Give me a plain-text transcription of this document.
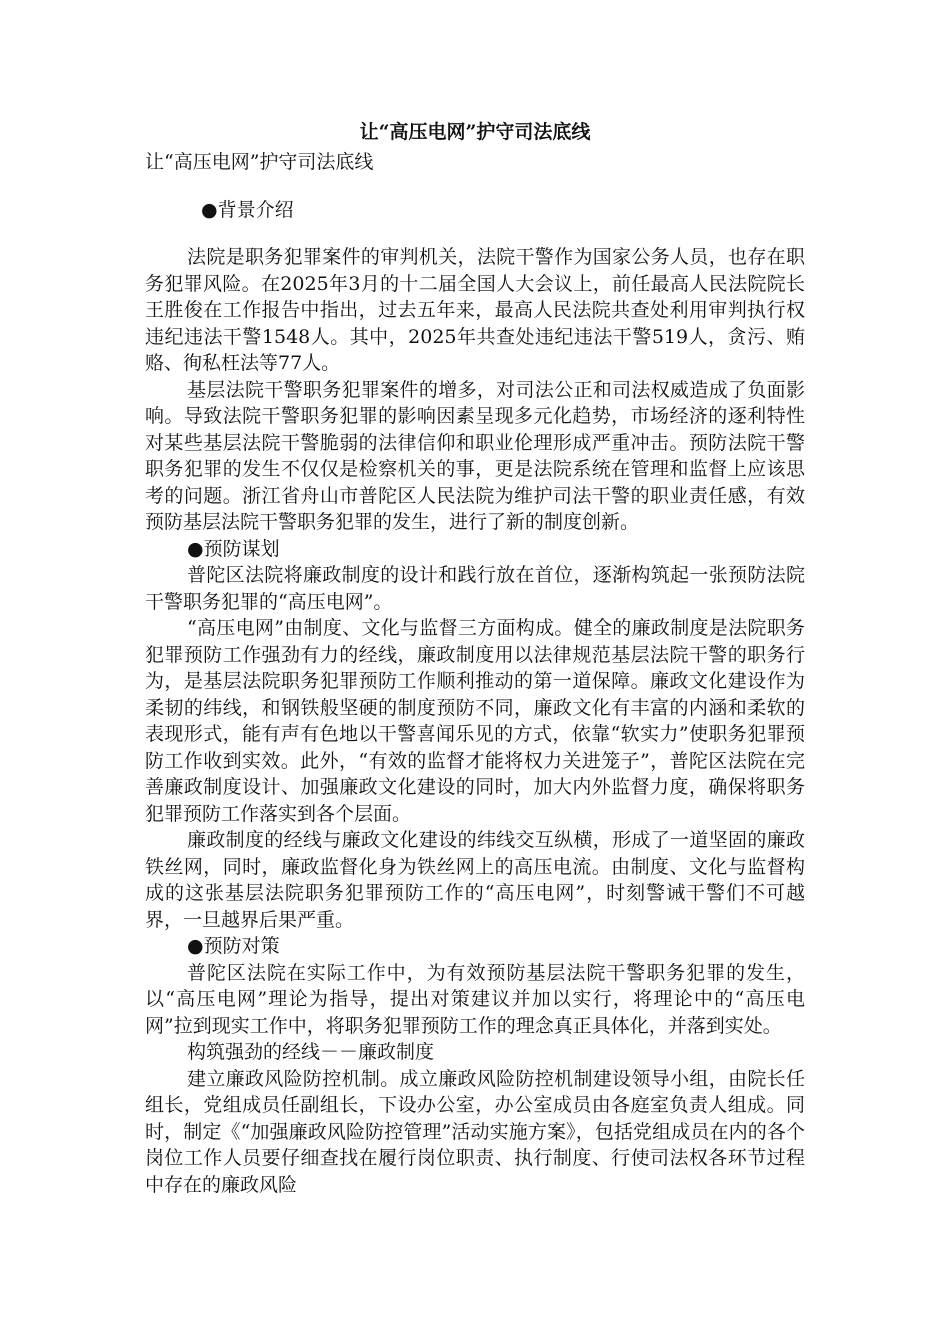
让“高压电网”护守司法底线

让“高压电网”护守司法底线

●背景介绍

法院是职务犯罪案件的审判机关，法院干警作为国家公务人员，也存在职务犯罪风险。在2025年3月的十二届全国人大会议上，前任最高人民法院院长王胜俊在工作报告中指出，过去五年来，最高人民法院共查处利用审判执行权违纪违法干警1548人。其中，2025年共查处违纪违法干警519人，贪污、贿赂、徇私枉法等77人。

基层法院干警职务犯罪案件的增多，对司法公正和司法权威造成了负面影响。导致法院干警职务犯罪的影响因素呈现多元化趋势，市场经济的逐利特性对某些基层法院干警脆弱的法律信仰和职业伦理形成严重冲击。预防法院干警职务犯罪的发生不仅仅是检察机关的事，更是法院系统在管理和监督上应该思考的问题。浙江省舟山市普陀区人民法院为维护司法干警的职业责任感，有效预防基层法院干警职务犯罪的发生，进行了新的制度创新。

●预防谋划

普陀区法院将廉政制度的设计和践行放在首位，逐渐构筑起一张预防法院干警职务犯罪的“高压电网”。

“高压电网”由制度、文化与监督三方面构成。健全的廉政制度是法院职务犯罪预防工作强劲有力的经线，廉政制度用以法律规范基层法院干警的职务行为，是基层法院职务犯罪预防工作顺利推动的第一道保障。廉政文化建设作为柔韧的纬线，和钢铁般坚硬的制度预防不同，廉政文化有丰富的内涵和柔软的表现形式，能有声有色地以干警喜闻乐见的方式，依靠“软实力”使职务犯罪预防工作收到实效。此外，“有效的监督才能将权力关进笼子”，普陀区法院在完善廉政制度设计、加强廉政文化建设的同时，加大内外监督力度，确保将职务犯罪预防工作落实到各个层面。

廉政制度的经线与廉政文化建设的纬线交互纵横，形成了一道坚固的廉政铁丝网，同时，廉政监督化身为铁丝网上的高压电流。由制度、文化与监督构成的这张基层法院职务犯罪预防工作的“高压电网”，时刻警诫干警们不可越界，一旦越界后果严重。

●预防对策

普陀区法院在实际工作中，为有效预防基层法院干警职务犯罪的发生，以“高压电网”理论为指导，提出对策建议并加以实行，将理论中的“高压电网”拉到现实工作中，将职务犯罪预防工作的理念真正具体化，并落到实处。

构筑强劲的经线－－廉政制度

建立廉政风险防控机制。成立廉政风险防控机制建设领导小组，由院长任组长，党组成员任副组长，下设办公室，办公室成员由各庭室负责人组成。同时，制定《“加强廉政风险防控管理”活动实施方案》，包括党组成员在内的各个岗位工作人员要仔细查找在履行岗位职责、执行制度、行使司法权各环节过程中存在的廉政风险
